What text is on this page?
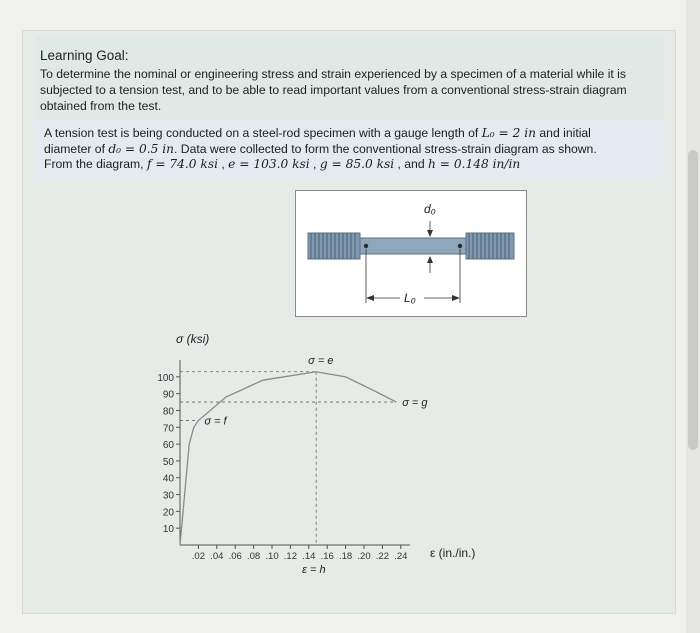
Learning Goal:
To determine the nominal or engineering stress and strain experienced by a specimen of a material while it is subjected to a tension test, and to be able to read important values from a conventional stress-strain diagram obtained from the test.
A tension test is being conducted on a steel-rod specimen with a gauge length of L₀ = 2 in and initial
diameter of d₀ = 0.5 in. Data were collected to form the conventional stress-strain diagram as shown.
From the diagram, f = 74.0 ksi , e = 103.0 ksi , g = 85.0 ksi , and h = 0.148 in/in
L₀
d₀
σ (ksi)
ε (in./in.)
10
20
30
40
50
60
70
80
90
100
.02 .04 .06 .08 .10 .12 .14 .16 .18 .20 .22 .24
σ = e
σ = f
σ = g
ε = h
